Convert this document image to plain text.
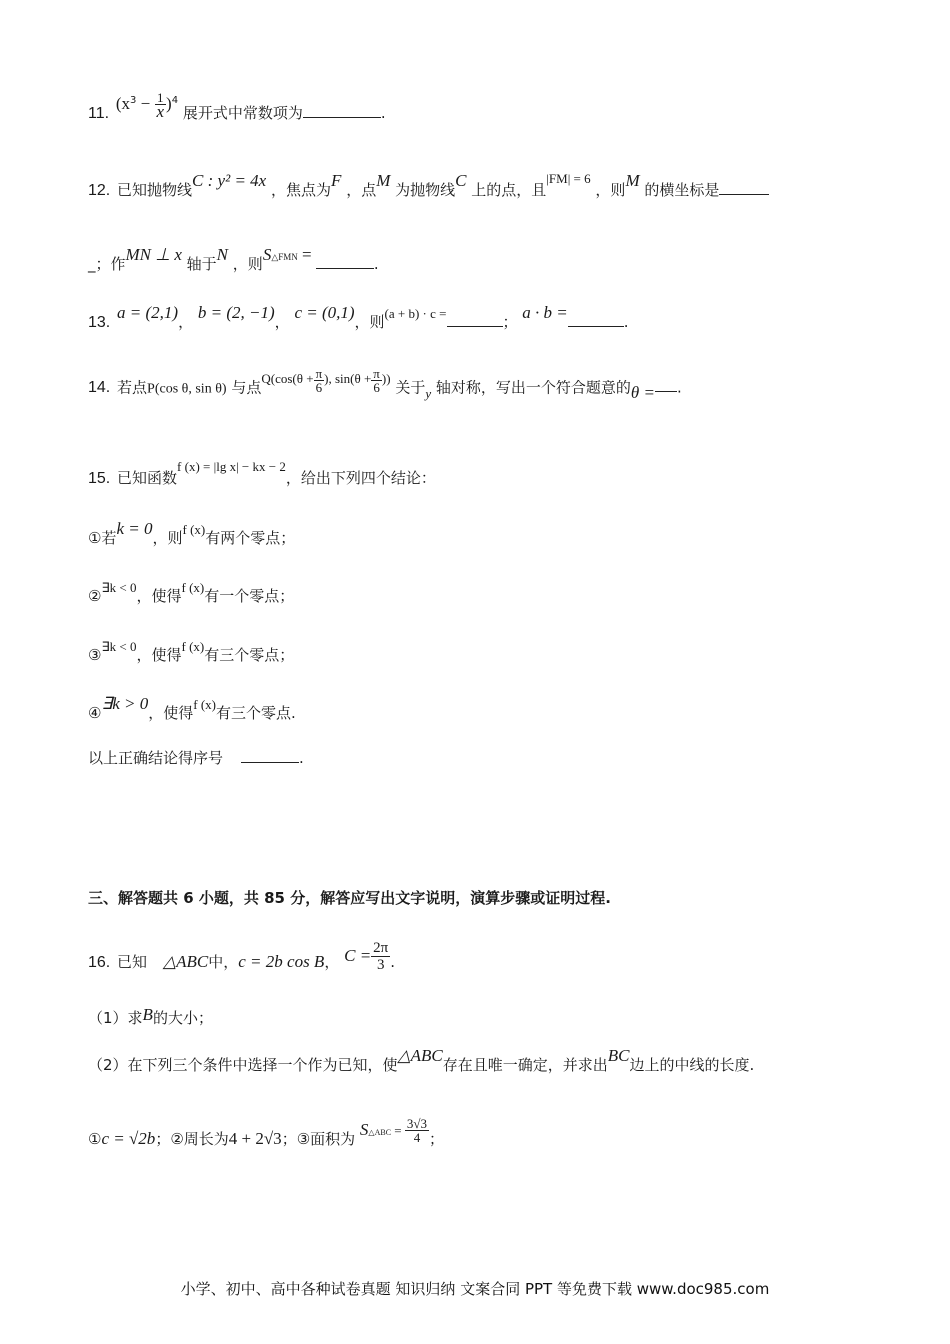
11. $(x^3 - \frac{1}{x} )^4$ 展开式中常数项为	.
12. 已知抛物线C : y² = 4x ，焦点为F ，点M 为抛物线C 上的点，且|FM| = 6 ，则M 的横坐标是
_；作MN ⊥ x 轴于N ，则S△FMN =	.
13. a = (2,1)， b = (2, −1)， c = (0,1)，则(a + b) · c =	； a · b =	.
14. 若点P(cos θ, sin θ) 与点$Q(\cos(\theta + \frac{\pi}{6}$ ), $\sin(\theta + \frac{\pi}{6}$ )) 关于y 轴对称，写出一个符合题意的θ = .
15. 已知函数f (x) = |lg x| − kx − 2，给出下列四个结论：
①若k = 0，则f (x)有两个零点；
②∃k < 0，使得f (x)有一个零点；
③∃k < 0，使得f (x)有三个零点；
④∃k > 0，使得f (x)有三个零点.
以上正确结论得序号	.
三、解答题共 6 小题，共 85 分，解答应写出文字说明，演算步骤或证明过程.
16. 已知 △ABC中，c = 2b cos B， $C = \frac{2\pi}{3}$ .
（1）求B的大小；
（2）在下列三个条件中选择一个作为已知，使△ABC存在且唯一确定，并求出BC边上的中线的长度.
①c = √2b；②周长为4 + 2√3；③面积为 S△ABC = $\frac{3√3}{4}$ ；
小学、初中、高中各种试卷真题 知识归纳 文案合同 PPT 等免费下载 www.doc985.com
